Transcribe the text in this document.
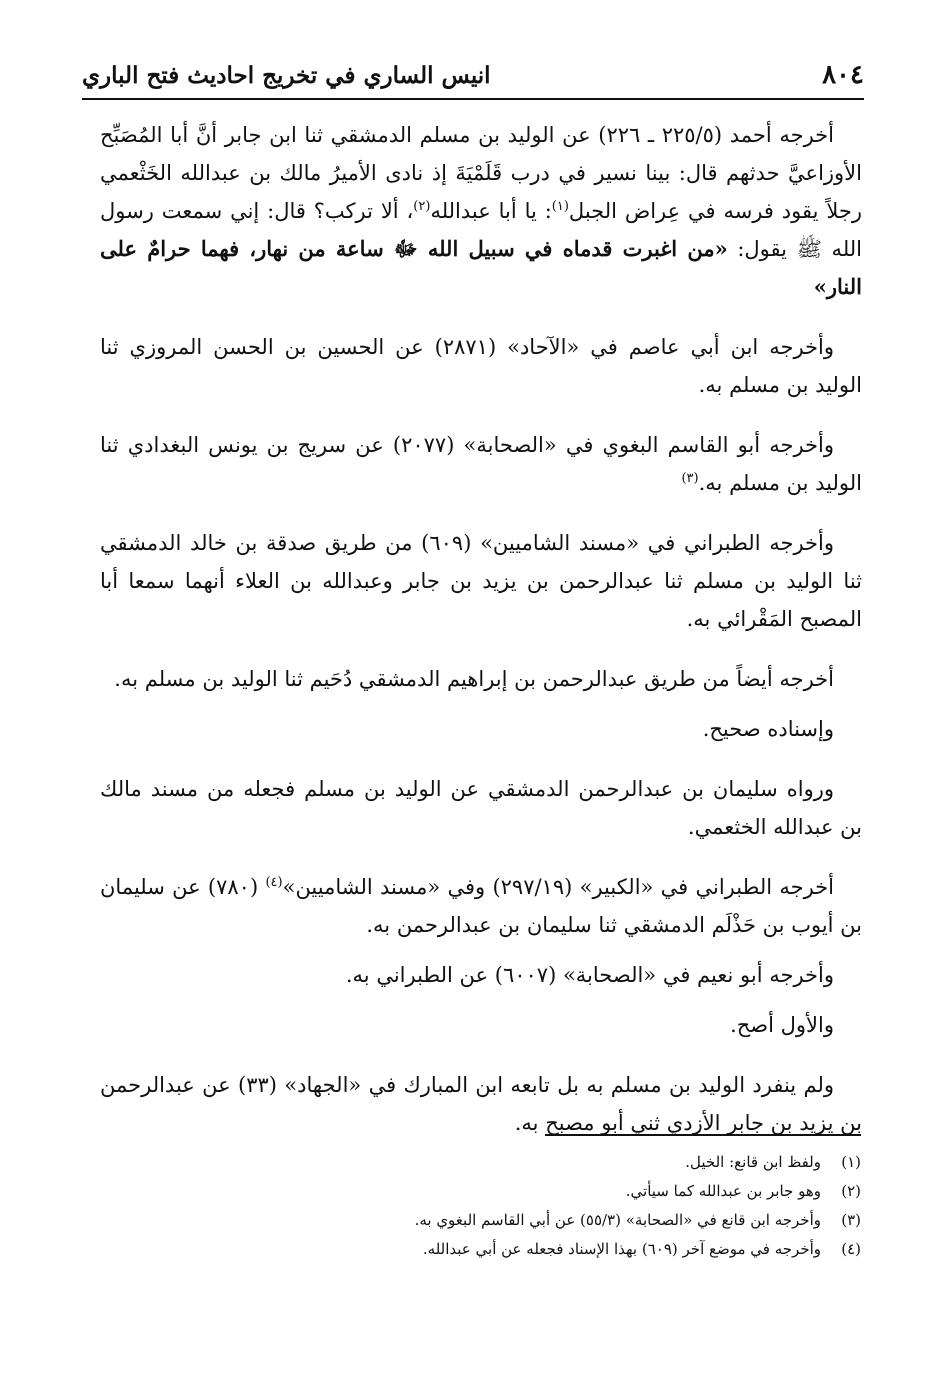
٨٠٤
انيس الساري في تخريج احاديث فتح الباري

أخرجه أحمد (٢٢٥/٥ ـ ٢٢٦) عن الوليد بن مسلم الدمشقي ثنا ابن جابر أنَّ أبا المُصَبِّح الأوزاعيَّ حدثهم قال: بينا نسير في درب قَلَمْيَةَ إذ نادى الأميرُ مالك بن عبدالله الخَثْعمي رجلاً يقود فرسه في عِراض الجبل$^{(١)}$: يا أبا عبدالله$^{(٢)}$، ألا تركب؟ قال: إني سمعت رسول الله ﷺ يقول: «من اغبرت قدماه في سبيل الله ﷻ ساعة من نهار، فهما حرامٌ على النار»

وأخرجه ابن أبي عاصم في «الآحاد» (٢٨٧١) عن الحسين بن الحسن المروزي ثنا الوليد بن مسلم به.

وأخرجه أبو القاسم البغوي في «الصحابة» (٢٠٧٧) عن سريج بن يونس البغدادي ثنا الوليد بن مسلم به.$^{(٣)}$

وأخرجه الطبراني في «مسند الشاميين» (٦٠٩) من طريق صدقة بن خالد الدمشقي ثنا الوليد بن مسلم ثنا عبدالرحمن بن يزيد بن جابر وعبدالله بن العلاء أنهما سمعا أبا المصبح المَقْرائي به.

أخرجه أيضاً من طريق عبدالرحمن بن إبراهيم الدمشقي دُحَيم ثنا الوليد بن مسلم به.

وإسناده صحيح.

ورواه سليمان بن عبدالرحمن الدمشقي عن الوليد بن مسلم فجعله من مسند مالك بن عبدالله الخثعمي.

أخرجه الطبراني في «الكبير» (٢٩٧/١٩) وفي «مسند الشاميين»$^{(٤)}$ (٧٨٠) عن سليمان بن أيوب بن حَذْلَم الدمشقي ثنا سليمان بن عبدالرحمن به.

وأخرجه أبو نعيم في «الصحابة» (٦٠٠٧) عن الطبراني به.

والأول أصح.

ولم ينفرد الوليد بن مسلم به بل تابعه ابن المبارك في «الجهاد» (٣٣) عن عبدالرحمن بن يزيد بن جابر الأزدي ثني أبو مصبح به.

(١)
ولفظ ابن قانع: الخيل.
(٢)
وهو جابر بن عبدالله كما سيأتي.
(٣)
وأخرجه ابن قانع في «الصحابة» (٥٥/٣) عن أبي القاسم البغوي به.
(٤)
وأخرجه في موضع آخر (٦٠٩) بهذا الإسناد فجعله عن أبي عبدالله.
